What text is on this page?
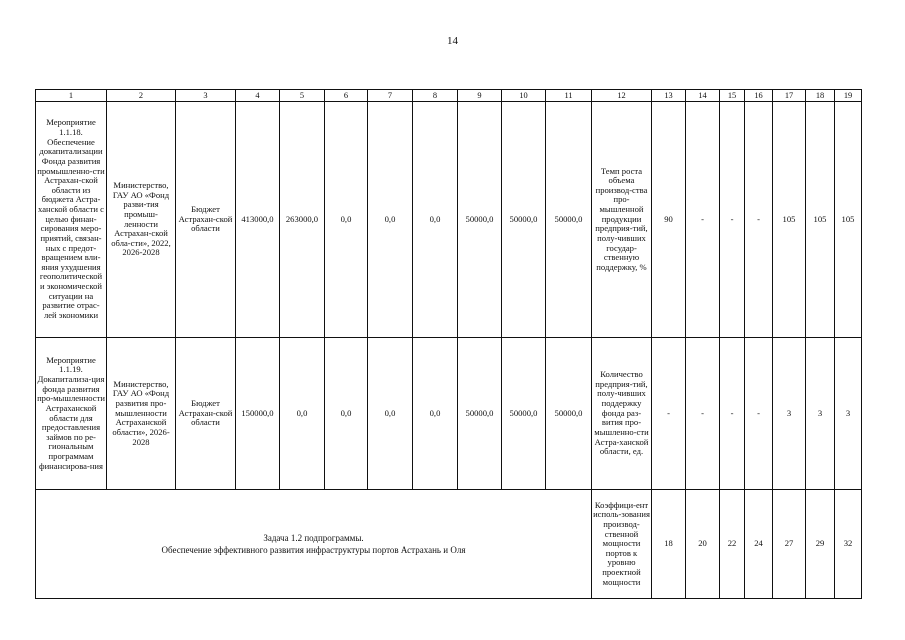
14
1	2	3	4	5	6	7	8	9	10	11	12	13	14	15	16	17	18	19

Мероприятие 1.1.18. Обеспечение докапитализации Фонда развития промышленно-сти Астрахан-ской области из бюджета Астра-ханской области с целью финан-сирования меро-приятий, связан-ных с предот-вращением вли-яния ухудшения геополитической и экономической ситуации на развитие отрас-лей экономики	Министерство, ГАУ АО «Фонд разви-тия промыш-ленности Астрахан-ской обла-сти», 2022, 2026-2028	Бюджет Астрахан-ской области	413000,0	263000,0	0,0	0,0	0,0	50000,0	50000,0	50000,0	Темп роста объема производ-ства про-мышленной продукции предприя-тий, полу-чивших государ-ственную поддержку, %	90	-	-	-	105	105	105

Мероприятие 1.1.19. Докапитализа-ция фонда развития про-мышленности Астраханской области для предоставления займов по ре-гиональным программам финансирова-ния	Министерство, ГАУ АО «Фонд развития про-мышленности Астраханской области», 2026-2028	Бюджет Астрахан-ской области	150000,0	0,0	0,0	0,0	0,0	50000,0	50000,0	50000,0	Количество предприя-тий, полу-чивших поддержку фонда раз-вития про-мышленно-сти Астра-ханской области, ед.	-	-	-	-	3	3	3

Задача 1.2 подпрограммы.
Обеспечение эффективного развития инфраструктуры портов Астрахань и Оля											Коэффици-ент исполь-зования производ-ственной мощности портов к уровню проектной мощности	18	20	22	24	27	29	32
